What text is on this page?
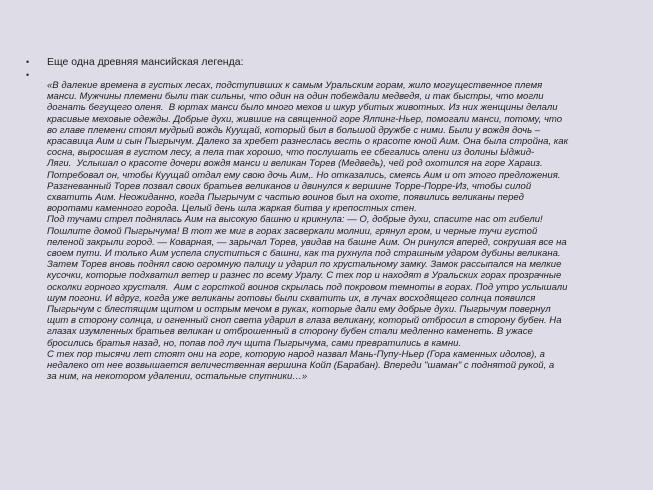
•	Еще одна древняя мансийская легенда:
•
«В далекие времена в густых лесах, подступивших к самым Уральским горам, жило могущественное племя
манси. Мужчины племени были так сильны, что один на один побеждали медведя, и так быстры, что могли
догнать бегущего оленя.  В юртах манси было много мехов и шкур убитых животных. Из них женщины делали
красивые меховые одежды. Добрые духи, жившие на священной горе Ялпинг-Ньер, помогали манси, потому, что
во главе племени стоял мудрый вождь Куущай, который был в большой дружбе с ними. Были у вождя дочь –
красавица Аим и сын Пыгрычум. Далеко за хребет разнеслась весть о красоте юной Аим. Она была стройна, как
сосна, выросшая в густом лесу, а пела так хорошо, что послушать ее сбегались олени из долины Ыджид-
Ляги.  Услышал о красоте дочери вождя манси и великан Торев (Медведь), чей род охотился на горе Хараиз.
Потребовал он, чтобы Куущай отдал ему свою дочь Аим,. Но отказались, смеясь Аим и от этого предложения.
Разгневанный Торев позвал своих братьев великанов и двинулся к вершине Торре-Порре-Из, чтобы силой
схватить Аим. Неожиданно, когда Пыгрычум с частью воинов был на охоте, появились великаны перед
воротами каменного города. Целый день шла жаркая битва у крепостных стен.
Под тучами стрел поднялась Аим на высокую башню и крикнула: — О, добрые духи, спасите нас от гибели!
Пошлите домой Пыгрычума! В тот же миг в горах засверкали молнии, грянул гром, и черные тучи густой
пеленой закрыли город. — Коварная, — зарычал Торев, увидав на башне Аим. Он ринулся вперед, сокрушая все на
своем пути. И только Аим успела спуститься с башни, как та рухнула под страшным ударом дубины великана.
Затем Торев вновь поднял свою огромную палицу и ударил по хрустальному замку. Замок рассыпался на мелкие
кусочки, которые подхватил ветер и разнес по всему Уралу. С тех пор и находят в Уральских горах прозрачные
осколки горного хрусталя.  Аим с горсткой воинов скрылась под покровом темноты в горах. Под утро услышали
шум погони. И вдруг, когда уже великаны готовы были схватить их, в лучах восходящего солнца появился
Пыгрычум с блестящим щитом и острым мечом в руках, которые дали ему добрые духи. Пыгрычум повернул
щит в сторону солнца, и огненный сноп света ударил в глаза великану, который отбросил в сторону бубен. На
глазах изумленных братьев великан и отброшенный в сторону бубен стали медленно каменеть. В ужасе
бросились братья назад, но, попав под луч щита Пыгрычума, сами превратились в камни.
С тех пор тысячи лет стоят они на горе, которую народ назвал Мань-Пупу-Ньер (Гора каменных идолов), а
недалеко от нее возвышается величественная вершина Койп (Барабан). Впереди "шаман" с поднятой рукой, а
за ним, на некотором удалении, остальные спутники…»
